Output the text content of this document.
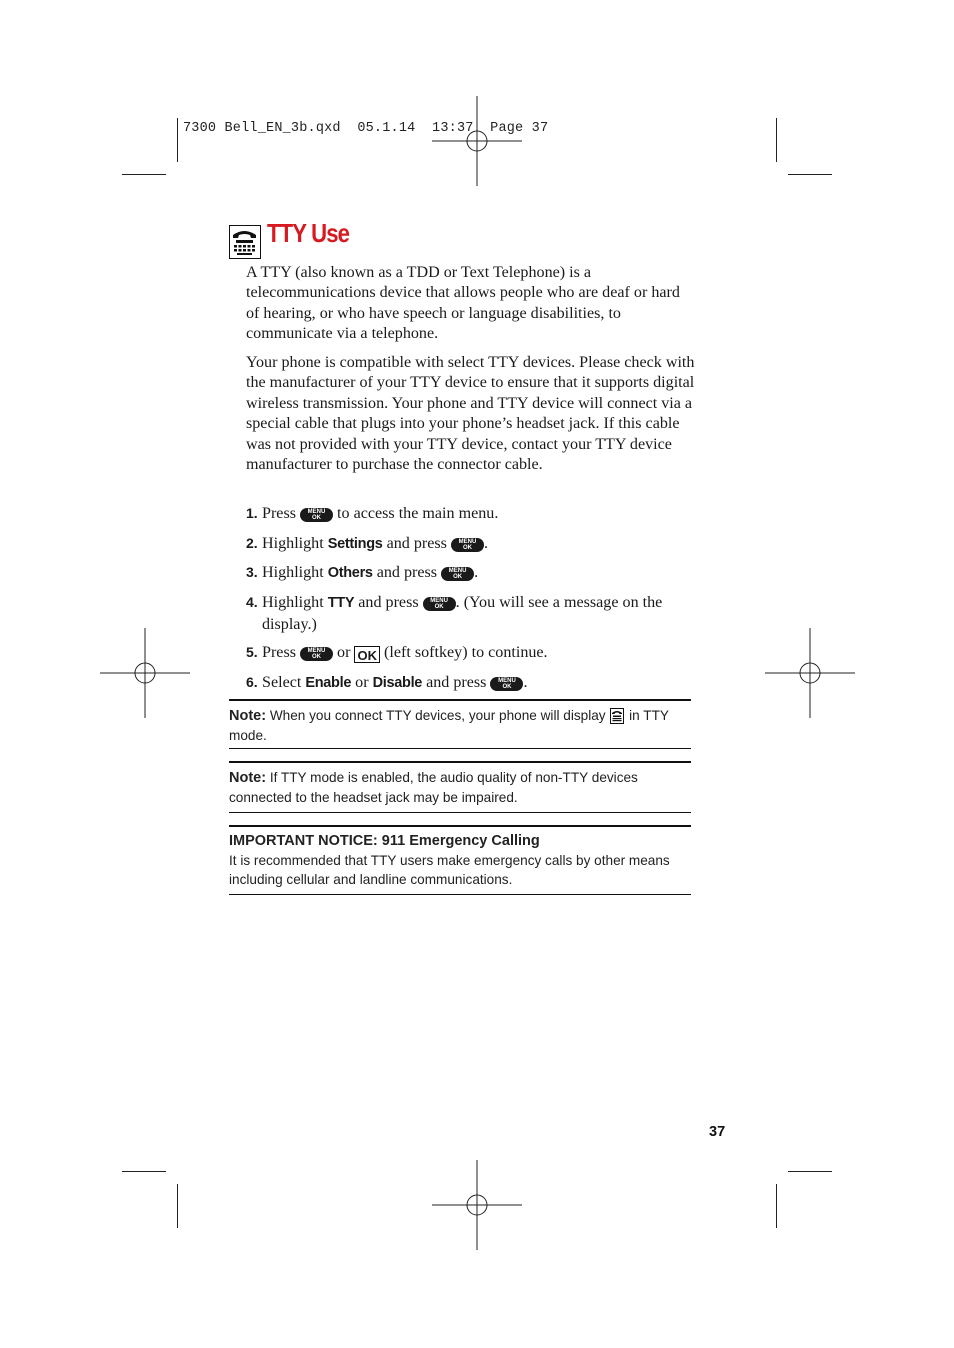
7300 Bell_EN_3b.qxd  05.1.14  13:37  Page 37
TTY Use
A TTY (also known as a TDD or Text Telephone) is a telecommunications device that allows people who are deaf or hard of hearing, or who have speech or language disabilities, to communicate via a telephone.
Your phone is compatible with select TTY devices. Please check with the manufacturer of your TTY device to ensure that it supports digital wireless transmission. Your phone and TTY device will connect via a special cable that plugs into your phone’s headset jack. If this cable was not provided with your TTY device, contact your TTY device manufacturer to purchase the connector cable.
1. Press MENU
OK to access the main menu.
2. Highlight Settings and press MENU
OK .
3. Highlight Others and press MENU
OK .
4. Highlight TTY and press MENU
OK . (You will see a message on the
display.)
5. Press MENU
OK or OK (left softkey) to continue.
6. Select Enable or Disable and press MENU
OK .
Note: When you connect TTY devices, your phone will display in TTY mode.
Note: If TTY mode is enabled, the audio quality of non-TTY devices connected to the headset jack may be impaired.
IMPORTANT NOTICE: 911 Emergency Calling
It is recommended that TTY users make emergency calls by other means including cellular and landline communications.
37
